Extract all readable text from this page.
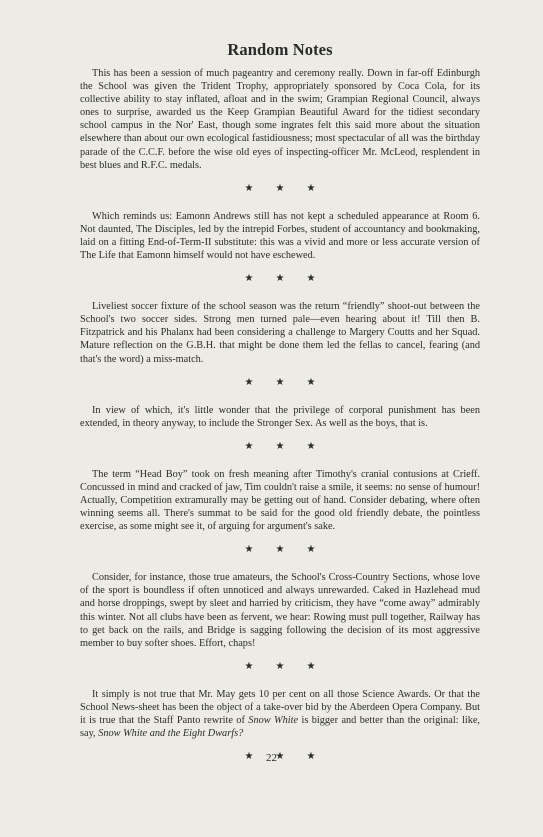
Random Notes

This has been a session of much pageantry and ceremony really. Down in far-off Edinburgh the School was given the Trident Trophy, appropriately sponsored by Coca Cola, for its collective ability to stay inflated, afloat and in the swim; Grampian Regional Council, always ones to surprise, awarded us the Keep Grampian Beautiful Award for the tidiest secondary school campus in the Nor' East, though some ingrates felt this said more about the situation elsewhere than about our own ecological fastidiousness; most spectacular of all was the birthday parade of the C.C.F. before the wise old eyes of inspecting-officer Mr. McLeod, resplendent in best blues and R.F.C. medals.

★ ★ ★

Which reminds us: Eamonn Andrews still has not kept a scheduled appearance at Room 6. Not daunted, The Disciples, led by the intrepid Forbes, student of accountancy and bookmaking, laid on a fitting End-of-Term-II substitute: this was a vivid and more or less accurate version of The Life that Eamonn himself would not have eschewed.

★ ★ ★

Liveliest soccer fixture of the school season was the return “friendly” shoot-out between the School's two soccer sides. Strong men turned pale—even hearing about it! Till then B. Fitzpatrick and his Phalanx had been considering a challenge to Margery Coutts and her Squad. Mature reflection on the G.B.H. that might be done them led the fellas to cancel, fearing (and that's the word) a miss-match.

★ ★ ★

In view of which, it's little wonder that the privilege of corporal punishment has been extended, in theory anyway, to include the Stronger Sex. As well as the boys, that is.

★ ★ ★

The term “Head Boy” took on fresh meaning after Timothy's cranial contusions at Crieff. Concussed in mind and cracked of jaw, Tim couldn't raise a smile, it seems: no sense of humour! Actually, Competition extramurally may be getting out of hand. Consider debating, where often winning seems all. There's summat to be said for the good old friendly debate, the pointless exercise, as some might see it, of arguing for argument's sake.

★ ★ ★

Consider, for instance, those true amateurs, the School's Cross-Country Sections, whose love of the sport is boundless if often unnoticed and always unrewarded. Caked in Hazlehead mud and horse droppings, swept by sleet and harried by criticism, they have “come away” admirably this winter. Not all clubs have been as fervent, we hear: Rowing must pull together, Railway has to get back on the rails, and Bridge is sagging following the decision of its most aggressive member to buy softer shoes. Effort, chaps!

★ ★ ★

It simply is not true that Mr. May gets 10 per cent on all those Science Awards. Or that the School News-sheet has been the object of a take-over bid by the Aberdeen Opera Company. But it is true that the Staff Panto rewrite of Snow White is bigger and better than the original: like, say, Snow White and the Eight Dwarfs?

★ ★ ★
22
